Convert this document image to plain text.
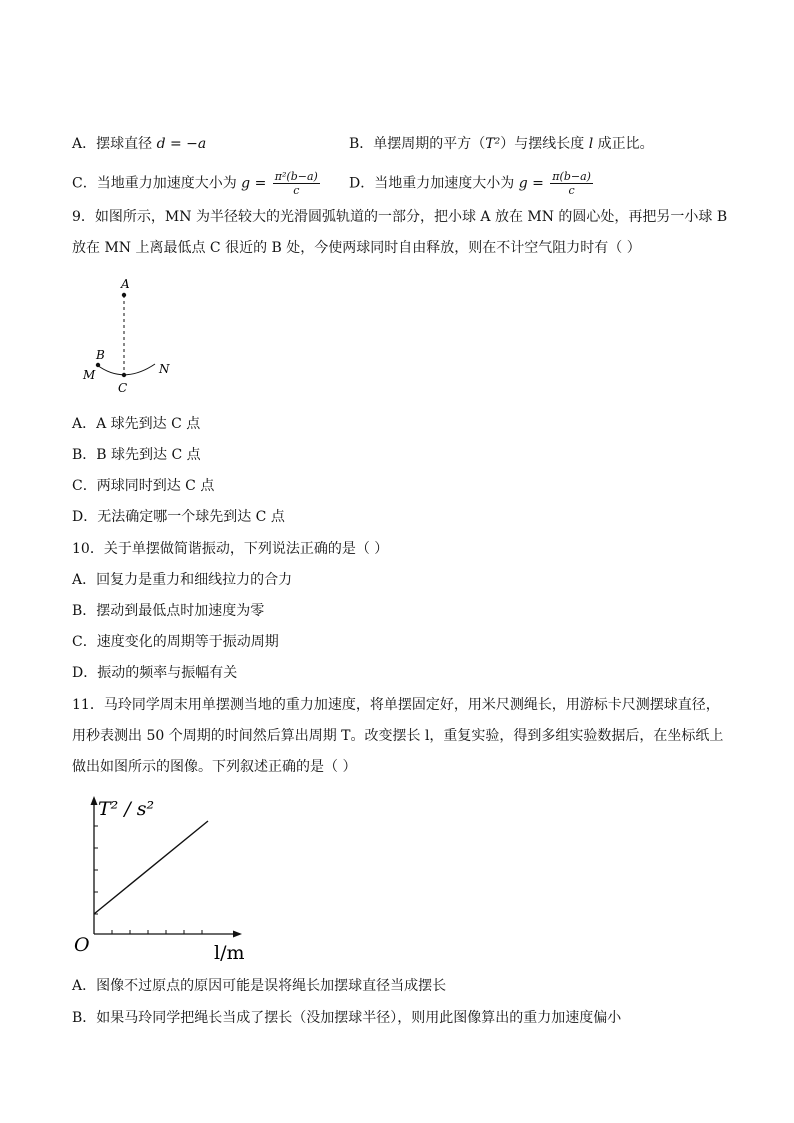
A．摆球直径 d = −a	B．单摆周期的平方（T²）与摆线长度 l 成正比。
C．当地重力加速度大小为 $g = \frac{\text{π²(b−a)}}{c}$ D．当地重力加速度大小为 $g = \frac{\pi(b-a)}{c}$
9．如图所示，MN 为半径较大的光滑圆弧轨道的一部分，把小球 A 放在 MN 的圆心处，再把另一小球 B
放在 MN 上离最低点 C 很近的 B 处，今使两球同时自由释放，则在不计空气阻力时有（ ）
A
B
M
C
N
A．A 球先到达 C 点
B．B 球先到达 C 点
C．两球同时到达 C 点
D．无法确定哪一个球先到达 C 点
10．关于单摆做简谐振动，下列说法正确的是（ ）
A．回复力是重力和细线拉力的合力
B．摆动到最低点时加速度为零
C．速度变化的周期等于振动周期
D．振动的频率与振幅有关
11．马玲同学周末用单摆测当地的重力加速度，将单摆固定好，用米尺测绳长，用游标卡尺测摆球直径，
用秒表测出 50 个周期的时间然后算出周期 T。改变摆长 l，重复实验，得到多组实验数据后，在坐标纸上
做出如图所示的图像。下列叙述正确的是（ ）
T² / s²
O	l/m
A．图像不过原点的原因可能是误将绳长加摆球直径当成摆长
B．如果马玲同学把绳长当成了摆长（没加摆球半径），则用此图像算出的重力加速度偏小
